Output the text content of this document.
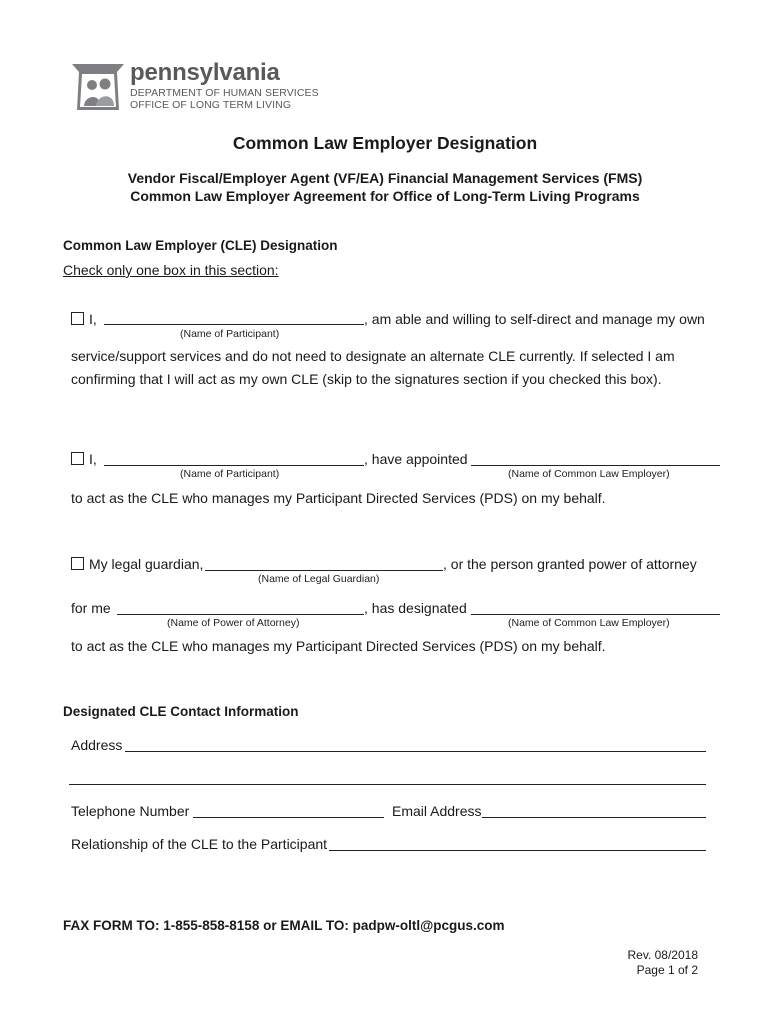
pennsylvania
DEPARTMENT OF HUMAN SERVICES
OFFICE OF LONG TERM LIVING
Common Law Employer Designation
Vendor Fiscal/Employer Agent (VF/EA) Financial Management Services (FMS)
Common Law Employer Agreement for Office of Long-Term Living Programs
Common Law Employer (CLE) Designation
Check only one box in this section:
I,
(Name of Participant)
, am able and willing to self-direct and manage my own
service/support services and do not need to designate an alternate CLE currently. If selected I am
confirming that I will act as my own CLE (skip to the signatures section if you checked this box).
I,
(Name of Participant)
, have appointed
(Name of Common Law Employer)
to act as the CLE who manages my Participant Directed Services (PDS) on my behalf.
My legal guardian,
(Name of Legal Guardian)
, or the person granted power of attorney
for me
(Name of Power of Attorney)
, has designated
(Name of Common Law Employer)
to act as the CLE who manages my Participant Directed Services (PDS) on my behalf.
Designated CLE Contact Information
Address
Telephone Number	Email Address
Relationship of the CLE to the Participant
FAX FORM TO: 1-855-858-8158 or EMAIL TO: padpw-oltl@pcgus.com
Rev. 08/2018
Page 1 of 2
